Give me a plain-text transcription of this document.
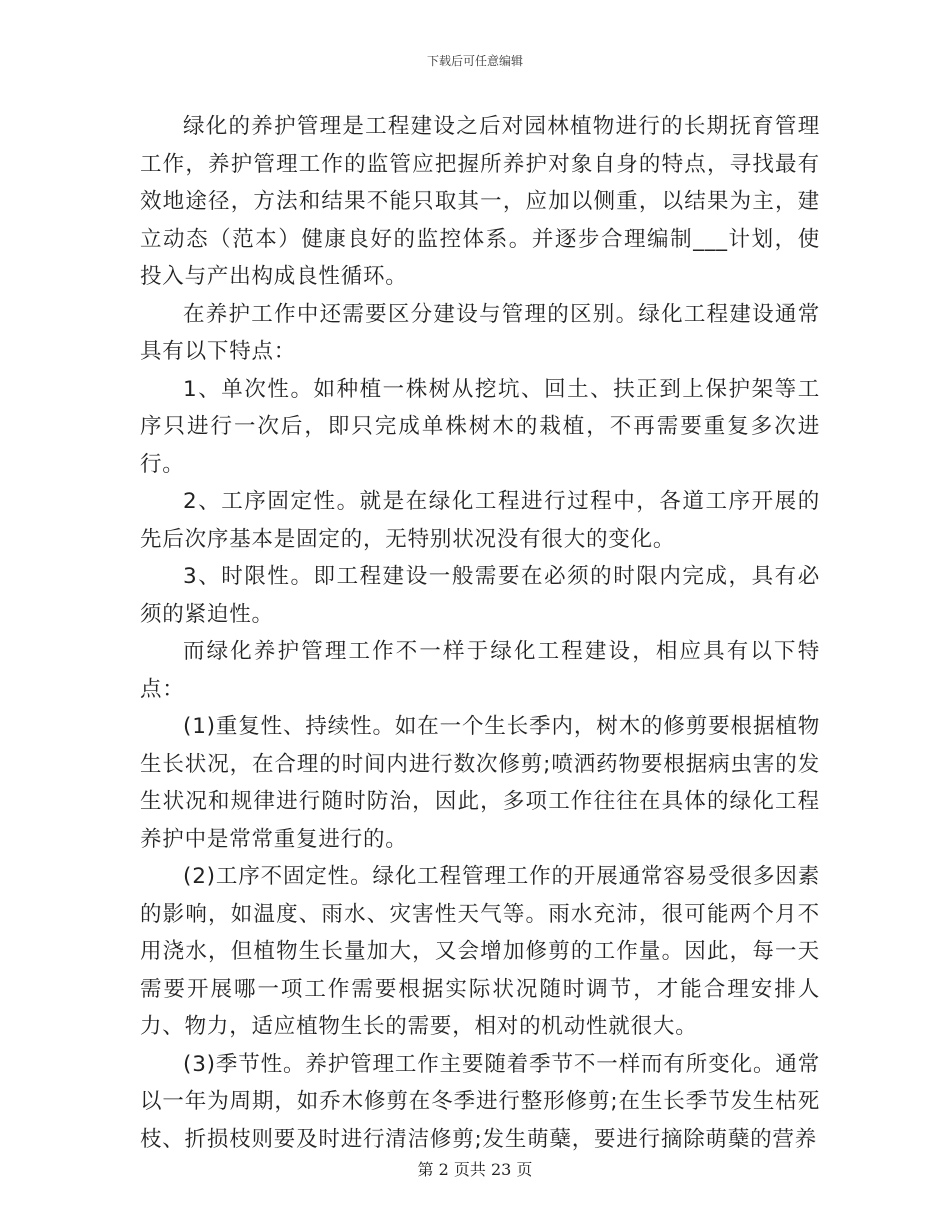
下载后可任意编辑

绿化的养护管理是工程建设之后对园林植物进行的长期抚育管理工作，养护管理工作的监管应把握所养护对象自身的特点，寻找最有效地途径，方法和结果不能只取其一，应加以侧重，以结果为主，建立动态（范本）健康良好的监控体系。并逐步合理编制___计划，使投入与产出构成良性循环。

在养护工作中还需要区分建设与管理的区别。绿化工程建设通常具有以下特点：

1、单次性。如种植一株树从挖坑、回土、扶正到上保护架等工序只进行一次后，即只完成单株树木的栽植，不再需要重复多次进行。

2、工序固定性。就是在绿化工程进行过程中，各道工序开展的先后次序基本是固定的，无特别状况没有很大的变化。

3、时限性。即工程建设一般需要在必须的时限内完成，具有必须的紧迫性。

而绿化养护管理工作不一样于绿化工程建设，相应具有以下特点：

(1)重复性、持续性。如在一个生长季内，树木的修剪要根据植物生长状况，在合理的时间内进行数次修剪;喷洒药物要根据病虫害的发生状况和规律进行随时防治，因此，多项工作往往在具体的绿化工程养护中是常常重复进行的。

(2)工序不固定性。绿化工程管理工作的开展通常容易受很多因素的影响，如温度、雨水、灾害性天气等。雨水充沛，很可能两个月不用浇水，但植物生长量加大，又会增加修剪的工作量。因此，每一天需要开展哪一项工作需要根据实际状况随时调节，才能合理安排人力、物力，适应植物生长的需要，相对的机动性就很大。

(3)季节性。养护管理工作主要随着季节不一样而有所变化。通常以一年为周期，如乔木修剪在冬季进行整形修剪;在生长季节发生枯死枝、折损枝则要及时进行清洁修剪;发生萌蘖，要进行摘除萌蘖的营养

第 2 页共 23 页
